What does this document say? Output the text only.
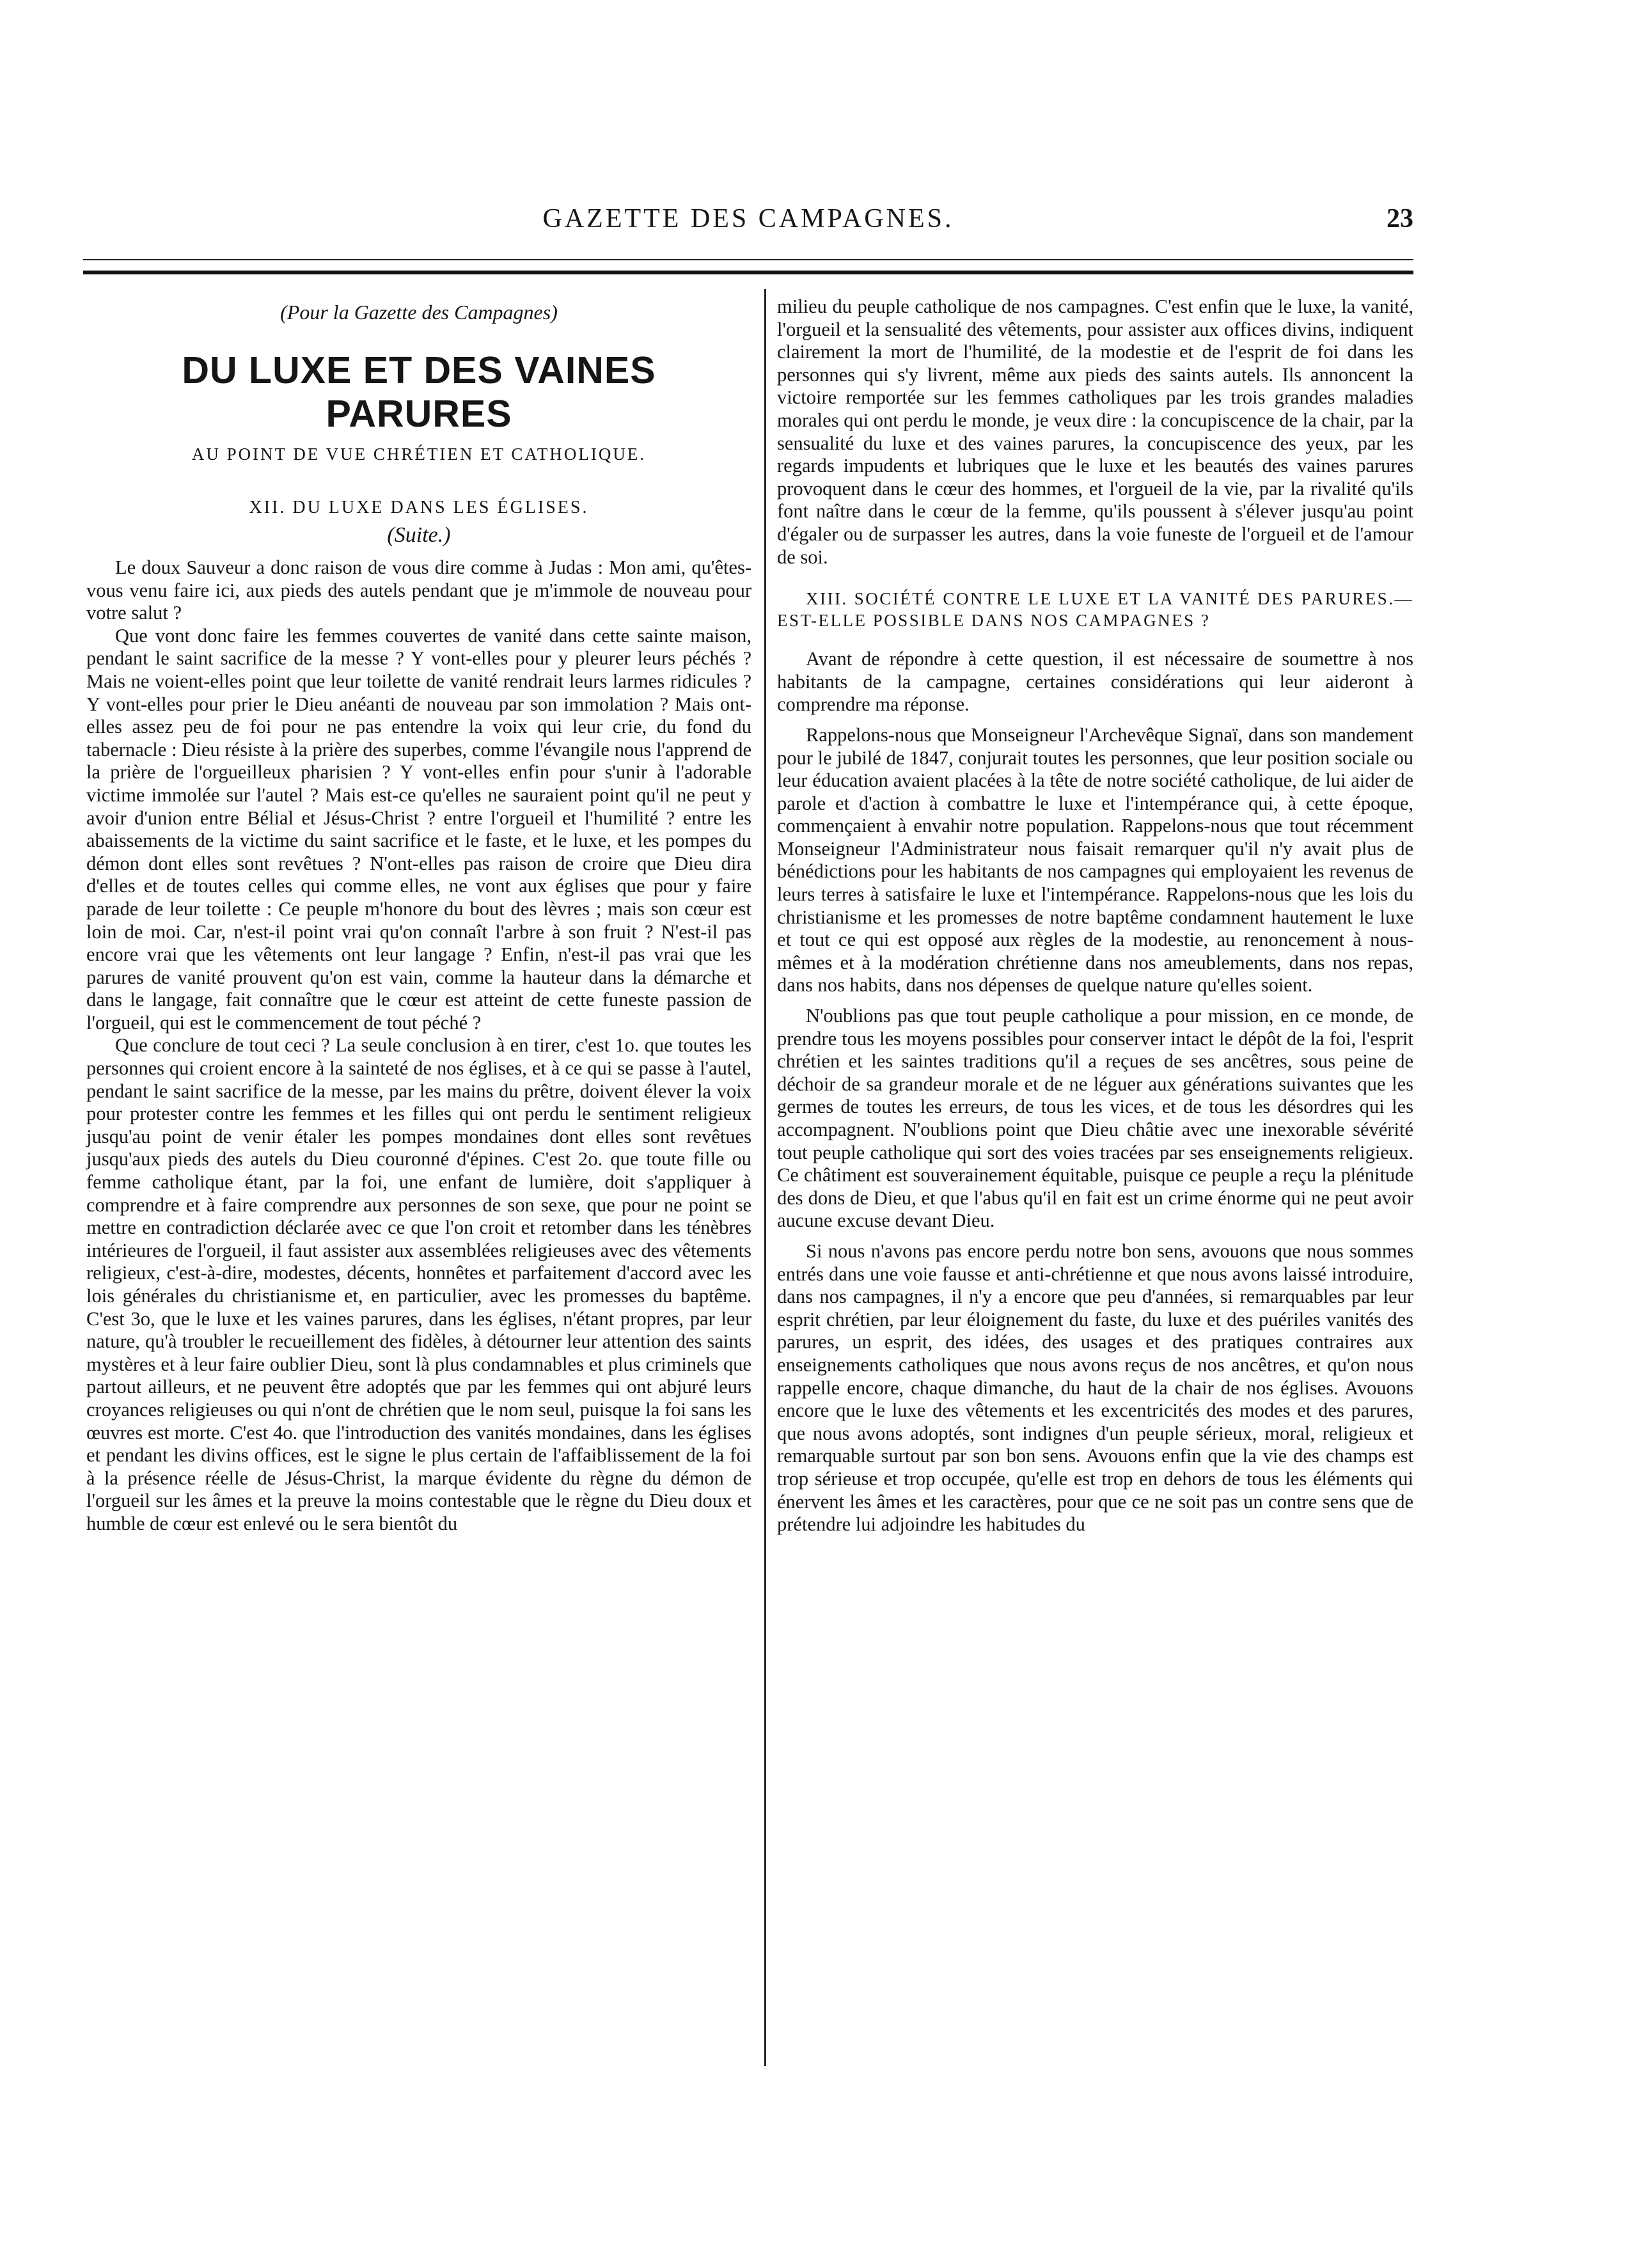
GAZETTE DES CAMPAGNES.	23
(Pour la Gazette des Campagnes)
DU LUXE ET DES VAINES PARURES
AU POINT DE VUE CHRÉTIEN ET CATHOLIQUE.
XII. DU LUXE DANS LES ÉGLISES.
(Suite.)

Le doux Sauveur a donc raison de vous dire comme à Judas : Mon ami, qu'êtes-vous venu faire ici, aux pieds des autels pendant que je m'immole de nouveau pour votre salut ?

Que vont donc faire les femmes couvertes de vanité dans cette sainte maison, pendant le saint sacrifice de la messe ? Y vont-elles pour y pleurer leurs péchés ? Mais ne voient-elles point que leur toilette de vanité rendrait leurs larmes ridicules ? Y vont-elles pour prier le Dieu anéanti de nouveau par son immolation ? Mais ont-elles assez peu de foi pour ne pas entendre la voix qui leur crie, du fond du tabernacle : Dieu résiste à la prière des superbes, comme l'évangile nous l'apprend de la prière de l'orgueilleux pharisien ? Y vont-elles enfin pour s'unir à l'adorable victime immolée sur l'autel ? Mais est-ce qu'elles ne sauraient point qu'il ne peut y avoir d'union entre Bélial et Jésus-Christ ? entre l'orgueil et l'humilité ? entre les abaissements de la victime du saint sacrifice et le faste, et le luxe, et les pompes du démon dont elles sont revêtues ? N'ont-elles pas raison de croire que Dieu dira d'elles et de toutes celles qui comme elles, ne vont aux églises que pour y faire parade de leur toilette : Ce peuple m'honore du bout des lèvres ; mais son cœur est loin de moi. Car, n'est-il point vrai qu'on connaît l'arbre à son fruit ? N'est-il pas encore vrai que les vêtements ont leur langage ? Enfin, n'est-il pas vrai que les parures de vanité prouvent qu'on est vain, comme la hauteur dans la démarche et dans le langage, fait connaître que le cœur est atteint de cette funeste passion de l'orgueil, qui est le commencement de tout péché ?

Que conclure de tout ceci ? La seule conclusion à en tirer, c'est 1o. que toutes les personnes qui croient encore à la sainteté de nos églises, et à ce qui se passe à l'autel, pendant le saint sacrifice de la messe, par les mains du prêtre, doivent élever la voix pour protester contre les femmes et les filles qui ont perdu le sentiment religieux jusqu'au point de venir étaler les pompes mondaines dont elles sont revêtues jusqu'aux pieds des autels du Dieu couronné d'épines. C'est 2o. que toute fille ou femme catholique étant, par la foi, une enfant de lumière, doit s'appliquer à comprendre et à faire comprendre aux personnes de son sexe, que pour ne point se mettre en contradiction déclarée avec ce que l'on croit et retomber dans les ténèbres intérieures de l'orgueil, il faut assister aux assemblées religieuses avec des vêtements religieux, c'est-à-dire, modestes, décents, honnêtes et parfaitement d'accord avec les lois générales du christianisme et, en particulier, avec les promesses du baptême. C'est 3o, que le luxe et les vaines parures, dans les églises, n'étant propres, par leur nature, qu'à troubler le recueillement des fidèles, à détourner leur attention des saints mystères et à leur faire oublier Dieu, sont là plus condamnables et plus criminels que partout ailleurs, et ne peuvent être adoptés que par les femmes qui ont abjuré leurs croyances religieuses ou qui n'ont de chrétien que le nom seul, puisque la foi sans les œuvres est morte. C'est 4o. que l'introduction des vanités mondaines, dans les églises et pendant les divins offices, est le signe le plus certain de l'affaiblissement de la foi à la présence réelle de Jésus-Christ, la marque évidente du règne du démon de l'orgueil sur les âmes et la preuve la moins contestable que le règne du Dieu doux et humble de cœur est enlevé ou le sera bientôt du

milieu du peuple catholique de nos campagnes. C'est enfin que le luxe, la vanité, l'orgueil et la sensualité des vêtements, pour assister aux offices divins, indiquent clairement la mort de l'humilité, de la modestie et de l'esprit de foi dans les personnes qui s'y livrent, même aux pieds des saints autels. Ils annoncent la victoire remportée sur les femmes catholiques par les trois grandes maladies morales qui ont perdu le monde, je veux dire : la concupiscence de la chair, par la sensualité du luxe et des vaines parures, la concupiscence des yeux, par les regards impudents et lubriques que le luxe et les beautés des vaines parures provoquent dans le cœur des hommes, et l'orgueil de la vie, par la rivalité qu'ils font naître dans le cœur de la femme, qu'ils poussent à s'élever jusqu'au point d'égaler ou de surpasser les autres, dans la voie funeste de l'orgueil et de l'amour de soi.

XIII. SOCIÉTÉ CONTRE LE LUXE ET LA VANITÉ DES PARURES.—EST-ELLE POSSIBLE DANS NOS CAMPAGNES ?

Avant de répondre à cette question, il est nécessaire de soumettre à nos habitants de la campagne, certaines considérations qui leur aideront à comprendre ma réponse.

Rappelons-nous que Monseigneur l'Archevêque Signaï, dans son mandement pour le jubilé de 1847, conjurait toutes les personnes, que leur position sociale ou leur éducation avaient placées à la tête de notre société catholique, de lui aider de parole et d'action à combattre le luxe et l'intempérance qui, à cette époque, commençaient à envahir notre population. Rappelons-nous que tout récemment Monseigneur l'Administrateur nous faisait remarquer qu'il n'y avait plus de bénédictions pour les habitants de nos campagnes qui employaient les revenus de leurs terres à satisfaire le luxe et l'intempérance. Rappelons-nous que les lois du christianisme et les promesses de notre baptême condamnent hautement le luxe et tout ce qui est opposé aux règles de la modestie, au renoncement à nous-mêmes et à la modération chrétienne dans nos ameublements, dans nos repas, dans nos habits, dans nos dépenses de quelque nature qu'elles soient.

N'oublions pas que tout peuple catholique a pour mission, en ce monde, de prendre tous les moyens possibles pour conserver intact le dépôt de la foi, l'esprit chrétien et les saintes traditions qu'il a reçues de ses ancêtres, sous peine de déchoir de sa grandeur morale et de ne léguer aux générations suivantes que les germes de toutes les erreurs, de tous les vices, et de tous les désordres qui les accompagnent. N'oublions point que Dieu châtie avec une inexorable sévérité tout peuple catholique qui sort des voies tracées par ses enseignements religieux. Ce châtiment est souverainement équitable, puisque ce peuple a reçu la plénitude des dons de Dieu, et que l'abus qu'il en fait est un crime énorme qui ne peut avoir aucune excuse devant Dieu.

Si nous n'avons pas encore perdu notre bon sens, avouons que nous sommes entrés dans une voie fausse et anti-chrétienne et que nous avons laissé introduire, dans nos campagnes, il n'y a encore que peu d'années, si remarquables par leur esprit chrétien, par leur éloignement du faste, du luxe et des puériles vanités des parures, un esprit, des idées, des usages et des pratiques contraires aux enseignements catholiques que nous avons reçus de nos ancêtres, et qu'on nous rappelle encore, chaque dimanche, du haut de la chair de nos églises. Avouons encore que le luxe des vêtements et les excentricités des modes et des parures, que nous avons adoptés, sont indignes d'un peuple sérieux, moral, religieux et remarquable surtout par son bon sens. Avouons enfin que la vie des champs est trop sérieuse et trop occupée, qu'elle est trop en dehors de tous les éléments qui énervent les âmes et les caractères, pour que ce ne soit pas un contre sens que de prétendre lui adjoindre les habitudes du
